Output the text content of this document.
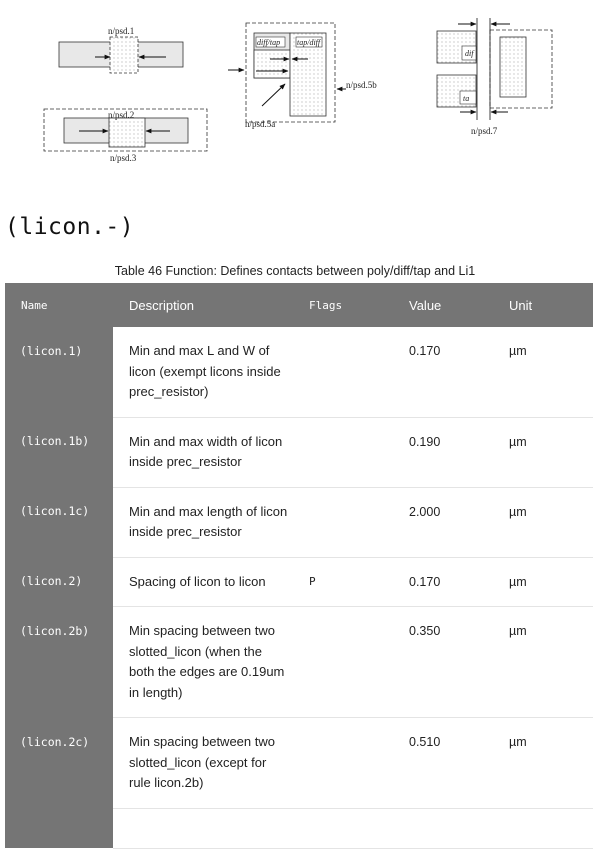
n/psd.1
n/psd.2
n/psd.3
diff/tap tap/diff
n/psd.5a
n/psd.5b
dif
ta
n/psd.7
(licon.-)
Table 46 Function: Defines contacts between poly/diff/tap and Li1
Name	Description	Flags	Value	Unit
(licon.1)	Min and max L and W of licon (exempt licons inside prec_resistor)		0.170	µm
(licon.1b)	Min and max width of licon inside prec_resistor		0.190	µm
(licon.1c)	Min and max length of licon inside prec_resistor		2.000	µm
(licon.2)	Spacing of licon to licon	P	0.170	µm
(licon.2b)	Min spacing between two slotted_licon (when the both the edges are 0.19um in length)		0.350	µm
(licon.2c)	Min spacing between two slotted_licon (except for rule licon.2b)		0.510	µm
